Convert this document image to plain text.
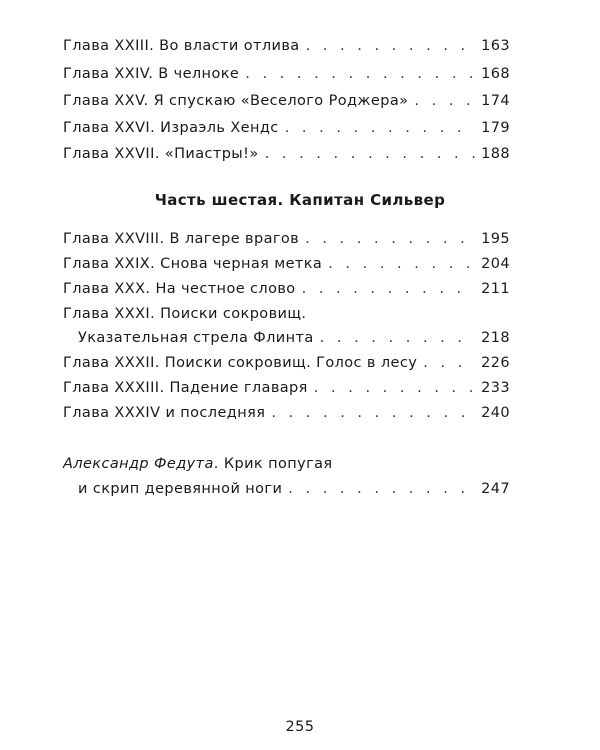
Глава XXIII. Во власти отлива . . .	163
Глава XXIV. В челноке . . .	168
Глава XXV. Я спускаю «Веселого Роджера» . . .	174
Глава XXVI. Израэль Хендс . . .	179
Глава XXVII. «Пиастры!» . . .	188
Часть шестая. Капитан Сильвер
Глава XXVIII. В лагере врагов . . .	195
Глава XXIX. Снова черная метка . . .	204
Глава XXX. На честное слово . . .	211
Глава XXXI. Поиски сокровищ.
Указательная стрела Флинта . . .	218
Глава XXXII. Поиски сокровищ. Голос в лесу . . .	226
Глава XXXIII. Падение главаря . . .	233
Глава XXXIV и последняя . . .	240
Александр Федута. Крик попугая
и скрип деревянной ноги . . .	247
255
